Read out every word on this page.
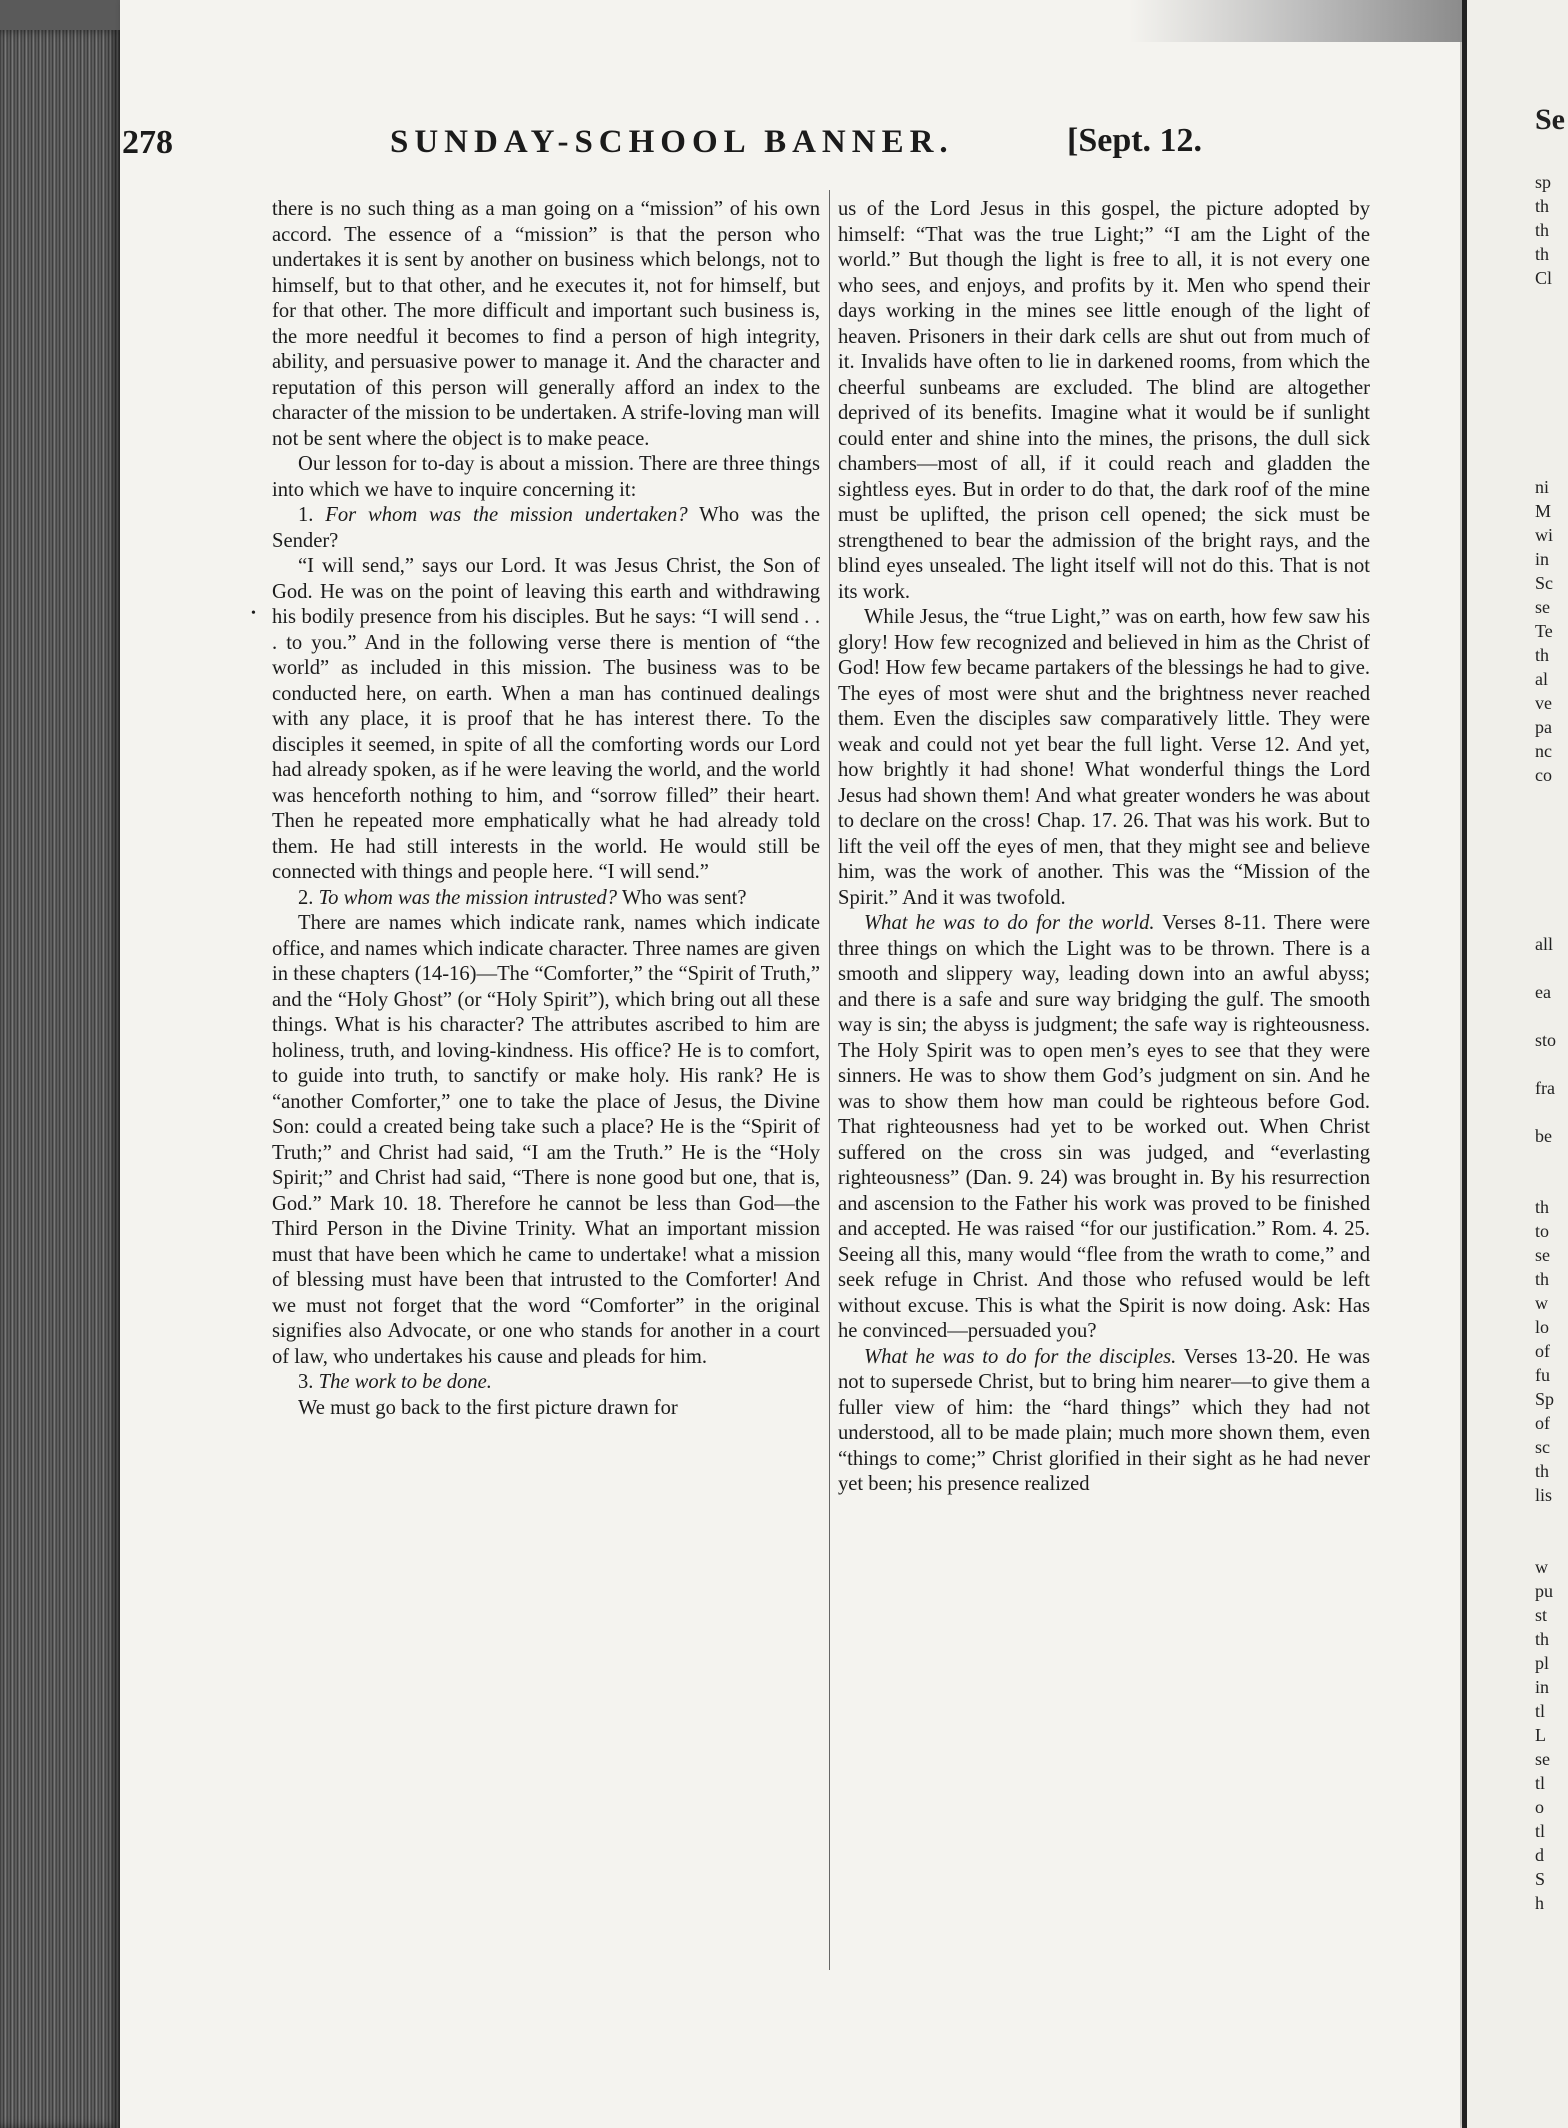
278	SUNDAY-SCHOOL BANNER.	[Sept. 12.
•

there is no such thing as a man going on a “mission” of his own accord. The essence of a “mission” is that the person who undertakes it is sent by another on business which belongs, not to himself, but to that other, and he executes it, not for himself, but for that other. The more difficult and important such business is, the more needful it becomes to find a person of high integrity, ability, and persuasive power to manage it. And the character and reputation of this person will generally afford an index to the character of the mission to be undertaken. A strife-loving man will not be sent where the object is to make peace.

Our lesson for to-day is about a mission. There are three things into which we have to inquire concerning it:

1. For whom was the mission undertaken? Who was the Sender?

“I will send,” says our Lord. It was Jesus Christ, the Son of God. He was on the point of leaving this earth and withdrawing his bodily presence from his disciples. But he says: “I will send . . . to you.” And in the following verse there is mention of “the world” as included in this mission. The business was to be conducted here, on earth. When a man has continued dealings with any place, it is proof that he has interest there. To the disciples it seemed, in spite of all the comforting words our Lord had already spoken, as if he were leaving the world, and the world was henceforth nothing to him, and “sorrow filled” their heart. Then he repeated more emphatically what he had already told them. He had still interests in the world. He would still be connected with things and people here. “I will send.”

2. To whom was the mission intrusted? Who was sent?

There are names which indicate rank, names which indicate office, and names which indicate character. Three names are given in these chapters (14-16)—The “Comforter,” the “Spirit of Truth,” and the “Holy Ghost” (or “Holy Spirit”), which bring out all these things. What is his character? The attributes ascribed to him are holiness, truth, and loving-kindness. His office? He is to comfort, to guide into truth, to sanctify or make holy. His rank? He is “another Comforter,” one to take the place of Jesus, the Divine Son: could a created being take such a place? He is the “Spirit of Truth;” and Christ had said, “I am the Truth.” He is the “Holy Spirit;” and Christ had said, “There is none good but one, that is, God.” Mark 10. 18. Therefore he cannot be less than God—the Third Person in the Divine Trinity. What an important mission must that have been which he came to undertake! what a mission of blessing must have been that intrusted to the Comforter! And we must not forget that the word “Comforter” in the original signifies also Advocate, or one who stands for another in a court of law, who undertakes his cause and pleads for him.

3. The work to be done.

We must go back to the first picture drawn for

us of the Lord Jesus in this gospel, the picture adopted by himself: “That was the true Light;” “I am the Light of the world.” But though the light is free to all, it is not every one who sees, and enjoys, and profits by it. Men who spend their days working in the mines see little enough of the light of heaven. Prisoners in their dark cells are shut out from much of it. Invalids have often to lie in darkened rooms, from which the cheerful sunbeams are excluded. The blind are altogether deprived of its benefits. Imagine what it would be if sunlight could enter and shine into the mines, the prisons, the dull sick chambers—most of all, if it could reach and gladden the sightless eyes. But in order to do that, the dark roof of the mine must be uplifted, the prison cell opened; the sick must be strengthened to bear the admission of the bright rays, and the blind eyes unsealed. The light itself will not do this. That is not its work.

While Jesus, the “true Light,” was on earth, how few saw his glory! How few recognized and believed in him as the Christ of God! How few became partakers of the blessings he had to give. The eyes of most were shut and the brightness never reached them. Even the disciples saw comparatively little. They were weak and could not yet bear the full light. Verse 12. And yet, how brightly it had shone! What wonderful things the Lord Jesus had shown them! And what greater wonders he was about to declare on the cross! Chap. 17. 26. That was his work. But to lift the veil off the eyes of men, that they might see and believe him, was the work of another. This was the “Mission of the Spirit.” And it was twofold.

What he was to do for the world. Verses 8-11. There were three things on which the Light was to be thrown. There is a smooth and slippery way, leading down into an awful abyss; and there is a safe and sure way bridging the gulf. The smooth way is sin; the abyss is judgment; the safe way is righteousness. The Holy Spirit was to open men’s eyes to see that they were sinners. He was to show them God’s judgment on sin. And he was to show them how man could be righteous before God. That righteousness had yet to be worked out. When Christ suffered on the cross sin was judged, and “everlasting righteousness” (Dan. 9. 24) was brought in. By his resurrection and ascension to the Father his work was proved to be finished and accepted. He was raised “for our justification.” Rom. 4. 25. Seeing all this, many would “flee from the wrath to come,” and seek refuge in Christ. And those who refused would be left without excuse. This is what the Spirit is now doing. Ask: Has he convinced—persuaded you?

What he was to do for the disciples. Verses 13-20. He was not to supersede Christ, but to bring him nearer—to give them a fuller view of him: the “hard things” which they had not understood, all to be made plain; much more shown them, even “things to come;” Christ glorified in their sight as he had never yet been; his presence realized

Se
sp
th
th
th
Cl
ni
M
wi
in
Sc
se
Te
th
al
ve
pa
nc
co
all
ea
sto
fra
be
th
to
se
th
w
lo
of
fu
Sp
of
sc
th
lis
w
pu
st
th
pl
in
tl
L
se
tl
o
tl
d
S
h
